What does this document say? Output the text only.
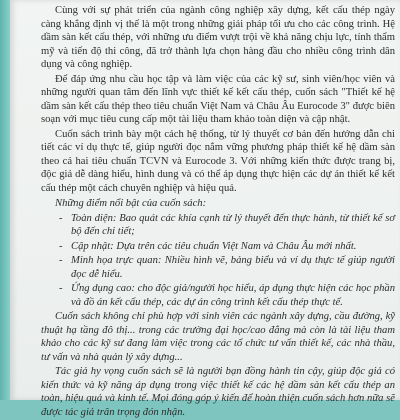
Cùng với sự phát triển của ngành công nghiệp xây dựng, kết cấu thép ngày càng khẳng định vị thế là một trong những giải pháp tối ưu cho các công trình. Hệ dầm sàn kết cấu thép, với những ưu điểm vượt trội về khả năng chịu lực, tính thẩm mỹ và tiến độ thi công, đã trở thành lựa chọn hàng đầu cho nhiều công trình dân dụng và công nghiệp.

Để đáp ứng nhu cầu học tập và làm việc của các kỹ sư, sinh viên/học viên và những người quan tâm đến lĩnh vực thiết kế kết cấu thép, cuốn sách "Thiết kế hệ dầm sàn kết cấu thép theo tiêu chuẩn Việt Nam và Châu Âu Eurocode 3" được biên soạn với mục tiêu cung cấp một tài liệu tham khảo toàn diện và cập nhật.

Cuốn sách trình bày một cách hệ thống, từ lý thuyết cơ bản đến hướng dẫn chi tiết các ví dụ thực tế, giúp người đọc nắm vững phương pháp thiết kế hệ dầm sàn theo cả hai tiêu chuẩn TCVN và Eurocode 3. Với những kiến thức được trang bị, độc giả dễ dàng hiểu, hình dung và có thể áp dụng thực hiện các dự án thiết kế kết cấu thép một cách chuyên nghiệp và hiệu quả.

Những điểm nổi bật của cuốn sách:

- Toàn diện: Bao quát các khía cạnh từ lý thuyết đến thực hành, từ thiết kế sơ bộ đến chi tiết;
- Cập nhật: Dựa trên các tiêu chuẩn Việt Nam và Châu Âu mới nhất.
- Minh họa trực quan: Nhiều hình vẽ, bảng biểu và ví dụ thực tế giúp người đọc dễ hiểu.
- Ứng dụng cao: cho độc giả/người học hiểu, áp dụng thực hiện các học phần và đồ án kết cấu thép, các dự án công trình kết cấu thép thực tế.

Cuốn sách không chỉ phù hợp với sinh viên các ngành xây dựng, cầu đường, kỹ thuật hạ tầng đô thị... trong các trường đại học/cao đẳng mà còn là tài liệu tham khảo cho các kỹ sư đang làm việc trong các tổ chức tư vấn thiết kế, các nhà thầu, tư vấn và nhà quản lý xây dựng...

Tác giả hy vọng cuốn sách sẽ là người bạn đồng hành tin cậy, giúp độc giả có kiến thức và kỹ năng áp dụng trong việc thiết kế các hệ dầm sàn kết cấu thép an toàn, hiệu quả và kinh tế. Mọi đóng góp ý kiến để hoàn thiện cuốn sách hơn nữa sẽ được tác giả trân trọng đón nhận.
